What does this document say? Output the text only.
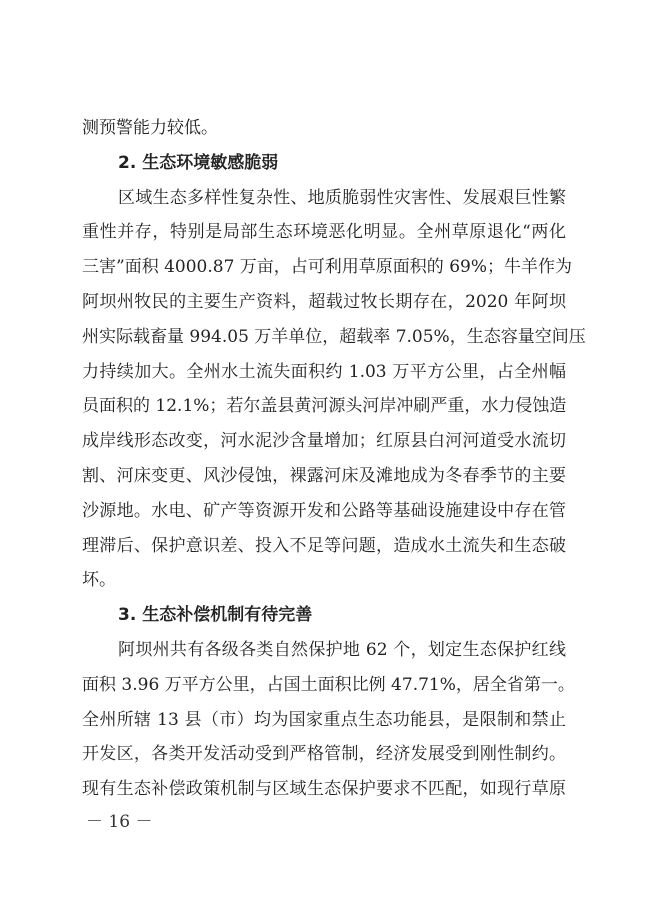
测预警能力较低。
2. 生态环境敏感脆弱
区域生态多样性复杂性、地质脆弱性灾害性、发展艰巨性繁
重性并存，特别是局部生态环境恶化明显。全州草原退化“两化
三害”面积 4000.87 万亩，占可利用草原面积的 69%；牛羊作为
阿坝州牧民的主要生产资料，超载过牧长期存在，2020 年阿坝
州实际载畜量 994.05 万羊单位，超载率 7.05%，生态容量空间压
力持续加大。全州水土流失面积约 1.03 万平方公里，占全州幅
员面积的 12.1%；若尔盖县黄河源头河岸冲刷严重，水力侵蚀造
成岸线形态改变，河水泥沙含量增加；红原县白河河道受水流切
割、河床变更、风沙侵蚀，裸露河床及滩地成为冬春季节的主要
沙源地。水电、矿产等资源开发和公路等基础设施建设中存在管
理滞后、保护意识差、投入不足等问题，造成水土流失和生态破
坏。
3. 生态补偿机制有待完善
阿坝州共有各级各类自然保护地 62 个，划定生态保护红线
面积 3.96 万平方公里，占国土面积比例 47.71%，居全省第一。
全州所辖 13 县（市）均为国家重点生态功能县，是限制和禁止
开发区，各类开发活动受到严格管制，经济发展受到刚性制约。
现有生态补偿政策机制与区域生态保护要求不匹配，如现行草原
－ 16 －
